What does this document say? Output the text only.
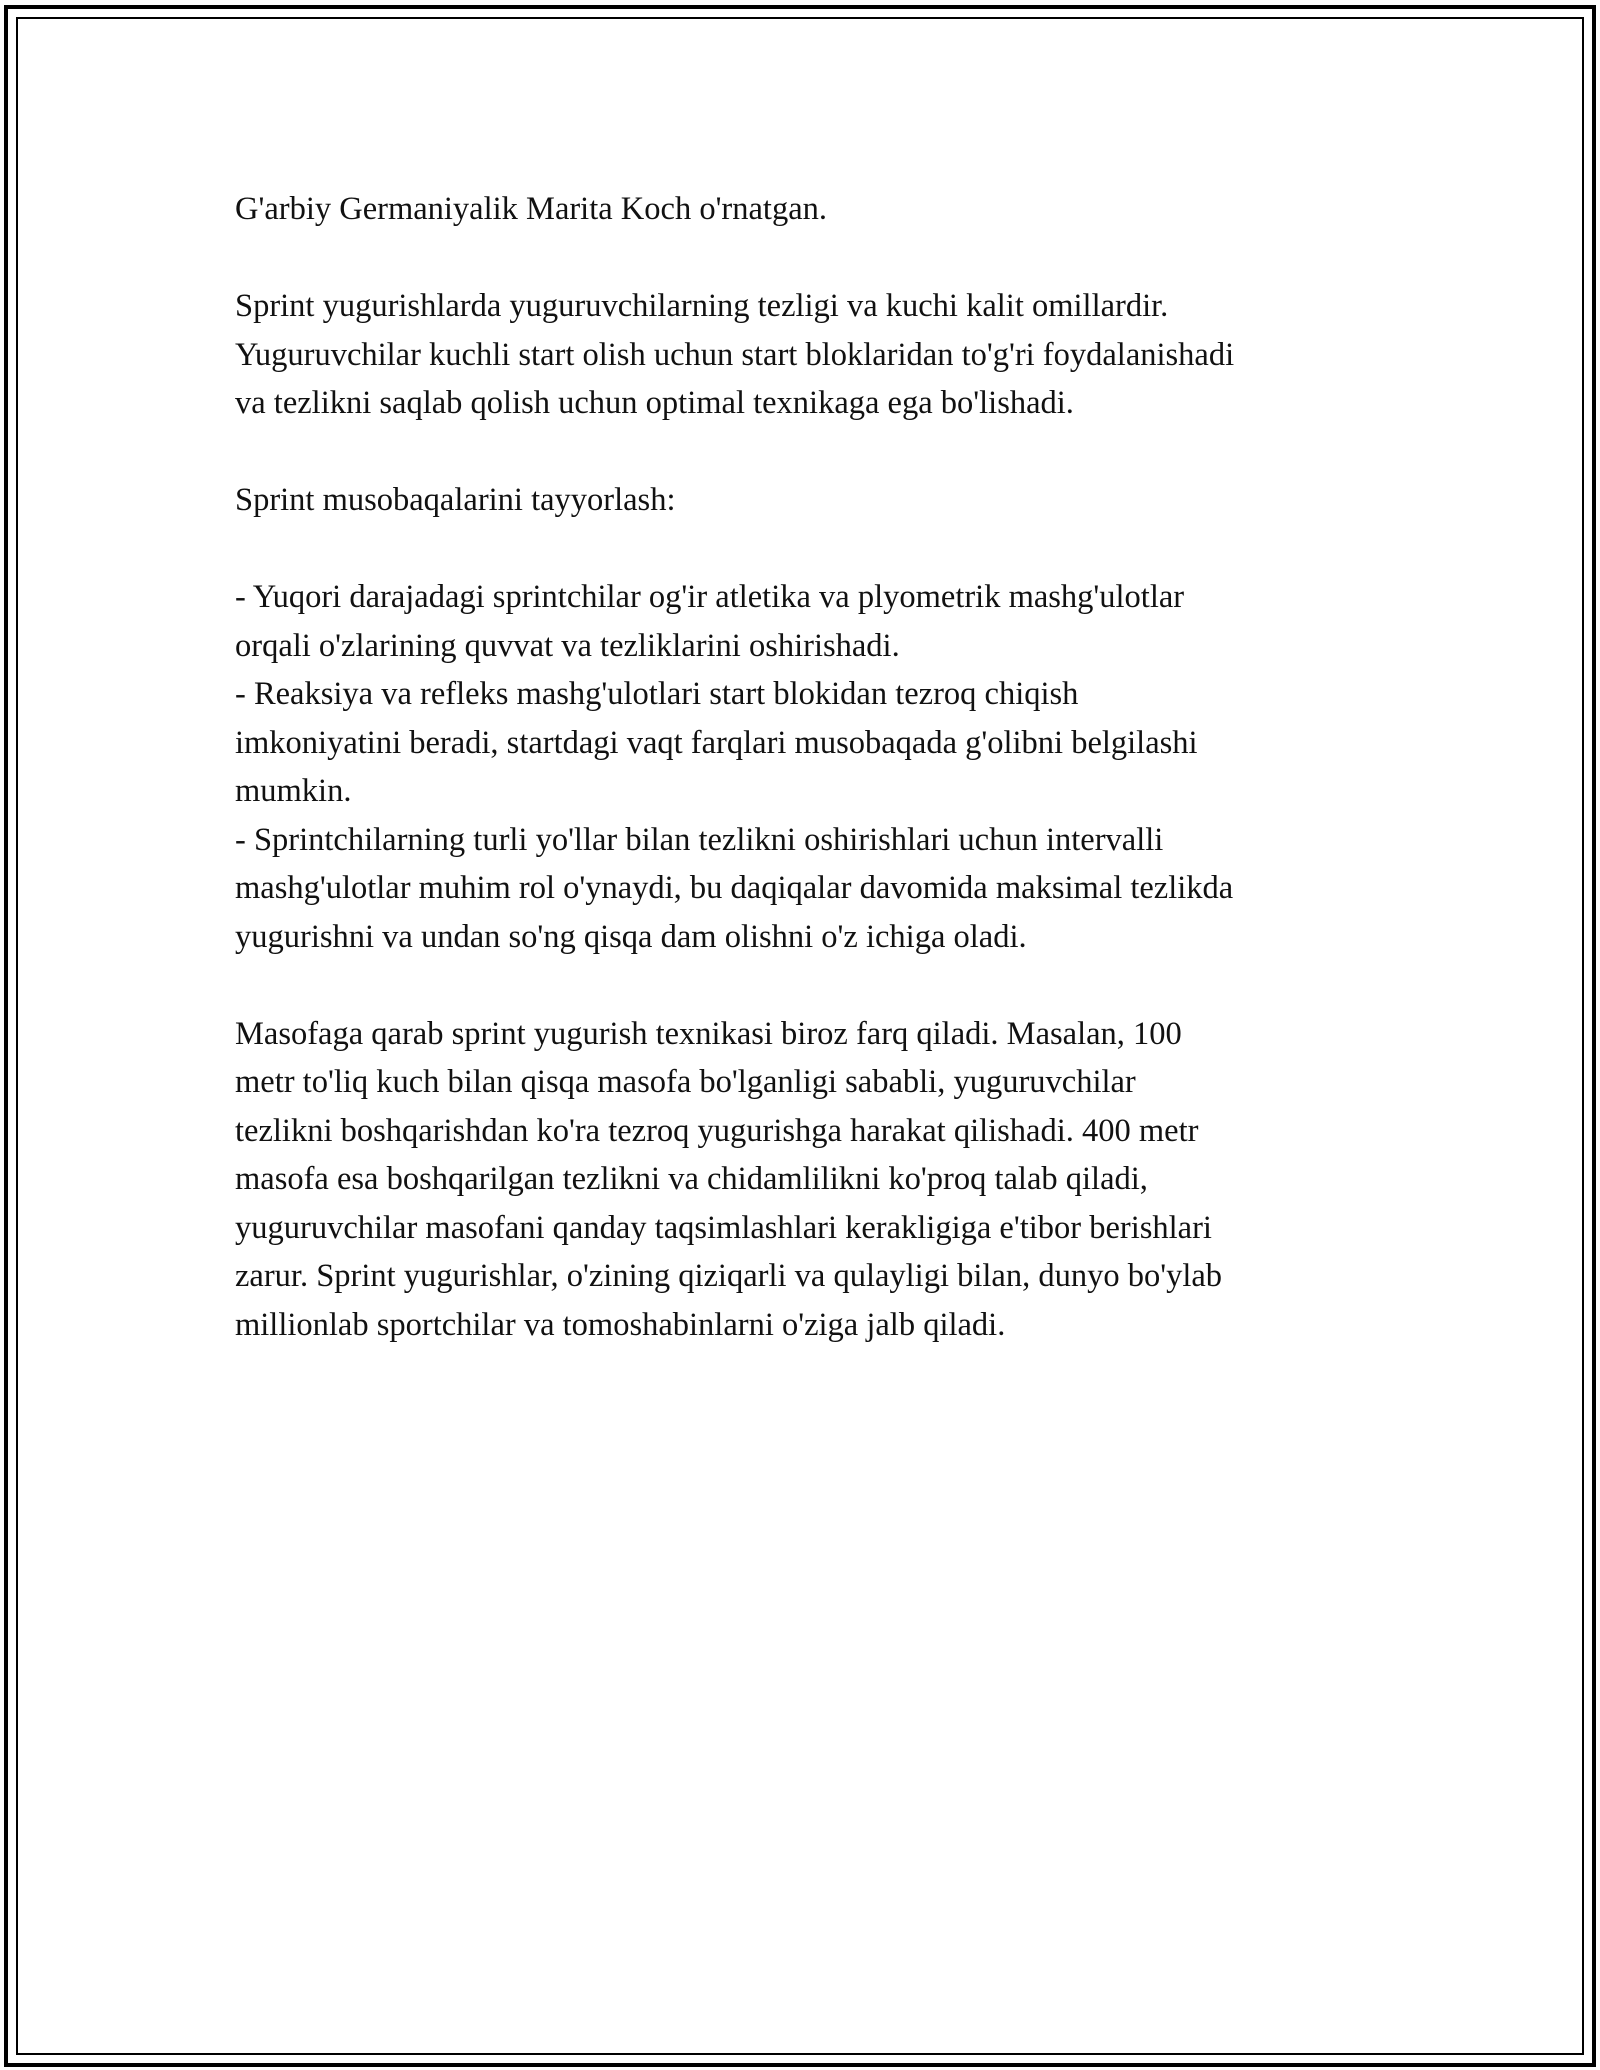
G'arbiy Germaniyalik Marita Koch o'rnatgan.

Sprint yugurishlarda yuguruvchilarning tezligi va kuchi kalit omillardir.
Yuguruvchilar kuchli start olish uchun start bloklaridan to'g'ri foydalanishadi
va tezlikni saqlab qolish uchun optimal texnikaga ega bo'lishadi.

Sprint musobaqalarini tayyorlash:

- Yuqori darajadagi sprintchilar og'ir atletika va plyometrik mashg'ulotlar
orqali o'zlarining quvvat va tezliklarini oshirishadi.

- Reaksiya va refleks mashg'ulotlari start blokidan tezroq chiqish
imkoniyatini beradi, startdagi vaqt farqlari musobaqada g'olibni belgilashi
mumkin.

- Sprintchilarning turli yo'llar bilan tezlikni oshirishlari uchun intervalli
mashg'ulotlar muhim rol o'ynaydi, bu daqiqalar davomida maksimal tezlikda
yugurishni va undan so'ng qisqa dam olishni o'z ichiga oladi.

Masofaga qarab sprint yugurish texnikasi biroz farq qiladi. Masalan, 100
metr to'liq kuch bilan qisqa masofa bo'lganligi sababli, yuguruvchilar
tezlikni boshqarishdan ko'ra tezroq yugurishga harakat qilishadi. 400 metr
masofa esa boshqarilgan tezlikni va chidamlilikni ko'proq talab qiladi,
yuguruvchilar masofani qanday taqsimlashlari kerakligiga e'tibor berishlari
zarur. Sprint yugurishlar, o'zining qiziqarli va qulayligi bilan, dunyo bo'ylab
millionlab sportchilar va tomoshabinlarni o'ziga jalb qiladi.
